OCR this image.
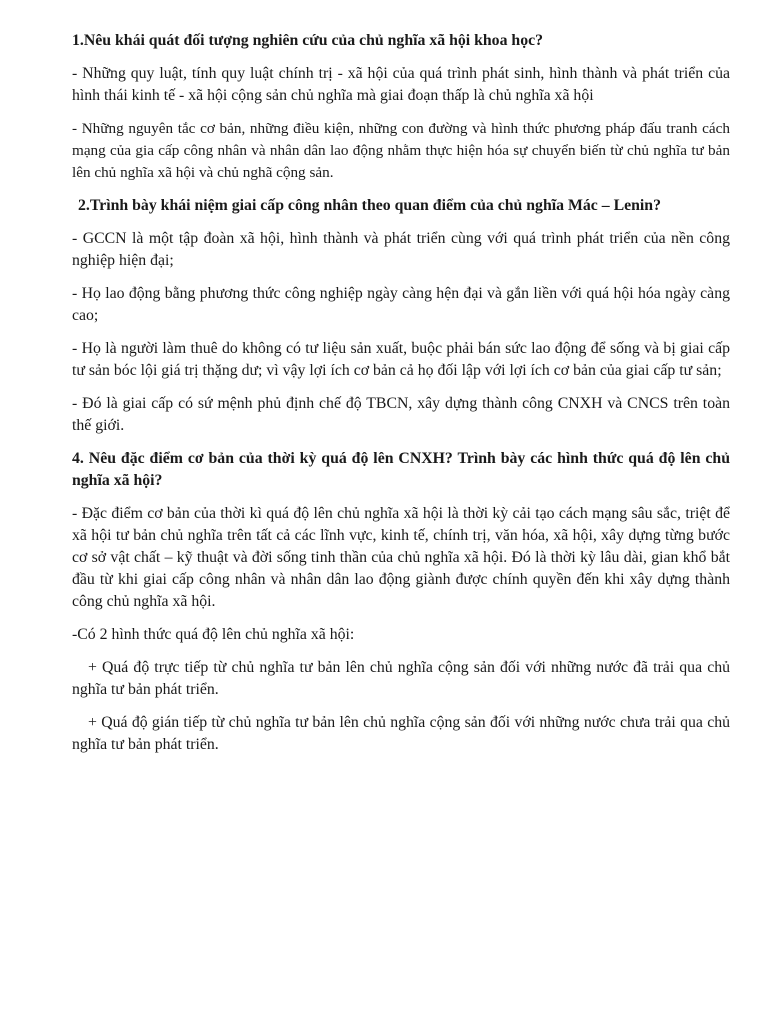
1.Nêu khái quát đối tượng nghiên cứu của chủ nghĩa xã hội khoa học?

- Những quy luật, tính quy luật chính trị - xã hội của quá trình phát sinh, hình thành và phát triển của hình thái kinh tế - xã hội cộng sản chủ nghĩa mà giai đoạn thấp là chủ nghĩa xã hội

- Những nguyên tắc cơ bản, những điều kiện, những con đường và hình thức phương pháp đấu tranh cách mạng của gia cấp công nhân và nhân dân lao động nhằm thực hiện hóa sự chuyển biến từ chủ nghĩa tư bản lên chủ nghĩa xã hội và chủ nghã cộng sản.

2.Trình bày khái niệm giai cấp công nhân theo quan điểm của chủ nghĩa Mác – Lenin?

- GCCN là một tập đoàn xã hội, hình thành và phát triển cùng với quá trình phát triển của nền công nghiệp hiện đại;

- Họ lao động bằng phương thức công nghiệp ngày càng hện đại và gắn liền với quá hội hóa ngày càng cao;

- Họ là người làm thuê do không có tư liệu sản xuất, buộc phải bán sức lao động để sống và bị giai cấp tư sản bóc lội giá trị thặng dư; vì vậy lợi ích cơ bản cả họ đối lập với lợi ích cơ bản của giai cấp tư sản;

- Đó là giai cấp có sứ mệnh phủ định chế độ TBCN, xây dựng thành công CNXH và CNCS trên toàn thế giới.

4. Nêu đặc điểm cơ bản của thời kỳ quá độ lên CNXH? Trình bày các hình thức quá độ lên chủ nghĩa xã hội?

- Đặc điểm cơ bản của thời kì quá độ lên chủ nghĩa xã hội là thời kỳ cải tạo cách mạng sâu sắc, triệt để xã hội tư bản chủ nghĩa trên tất cả các lĩnh vực, kinh tế, chính trị, văn hóa, xã hội, xây dựng từng bước cơ sở vật chất – kỹ thuật và đời sống tinh thần của chủ nghĩa xã hội. Đó là thời kỳ lâu dài, gian khổ bắt đầu từ khi giai cấp công nhân và nhân dân lao động giành được chính quyền đến khi xây dựng thành công chủ nghĩa xã hội.

-Có 2 hình thức quá độ lên chủ nghĩa xã hội:

+ Quá độ trực tiếp từ chủ nghĩa tư bản lên chủ nghĩa cộng sản đối với những nước đã trải qua chủ nghĩa tư bản phát triển.

+ Quá độ gián tiếp từ chủ nghĩa tư bản lên chủ nghĩa cộng sản đối với những nước chưa trải qua chủ nghĩa tư bản phát triển.
